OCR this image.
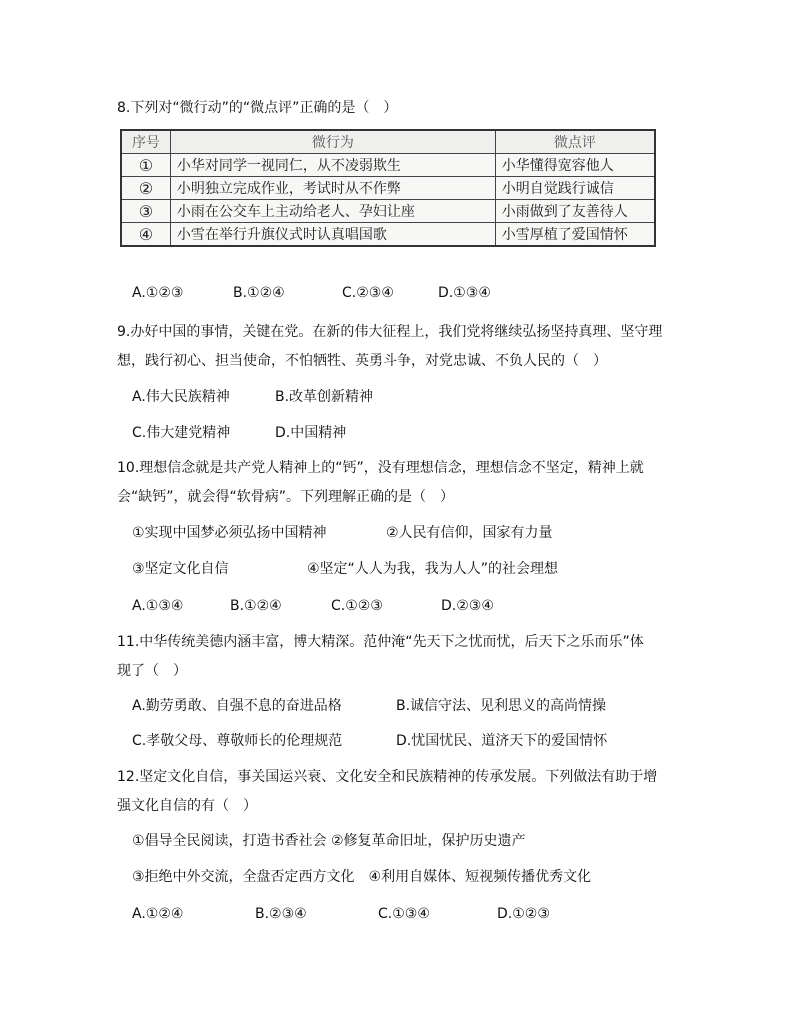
8.下列对“微行动”的“微点评”正确的是（　）
序号	微行为	微点评
①	小华对同学一视同仁，从不凌弱欺生	小华懂得宽容他人
②	小明独立完成作业，考试时从不作弊	小明自觉践行诚信
③	小雨在公交车上主动给老人、孕妇让座	小雨做到了友善待人
④	小雪在举行升旗仪式时认真唱国歌	小雪厚植了爱国情怀
A.①②③	B.①②④	C.②③④	D.①③④
9.办好中国的事情，关键在党。在新的伟大征程上，我们党将继续弘扬坚持真理、坚守理
想，践行初心、担当使命，不怕牺牲、英勇斗争，对党忠诚、不负人民的（　）
A.伟大民族精神	B.改革创新精神
C.伟大建党精神	D.中国精神
10.理想信念就是共产党人精神上的“钙”，没有理想信念，理想信念不坚定，精神上就
会“缺钙”，就会得“软骨病”。下列理解正确的是（　）
①实现中国梦必须弘扬中国精神	②人民有信仰，国家有力量
③坚定文化自信	④坚定“人人为我，我为人人”的社会理想
A.①③④	B.①②④	C.①②③	D.②③④
11.中华传统美德内涵丰富，博大精深。范仲淹“先天下之忧而忧，后天下之乐而乐”体
现了（　）
A.勤劳勇敢、自强不息的奋进品格	B.诚信守法、见利思义的高尚情操
C.孝敬父母、尊敬师长的伦理规范	D.忧国忧民、道济天下的爱国情怀
12.坚定文化自信，事关国运兴衰、文化安全和民族精神的传承发展。下列做法有助于增
强文化自信的有（　）
①倡导全民阅读，打造书香社会 ②修复革命旧址，保护历史遗产
③拒绝中外交流，全盘否定西方文化　④利用自媒体、短视频传播优秀文化
A.①②④	B.②③④	C.①③④	D.①②③
